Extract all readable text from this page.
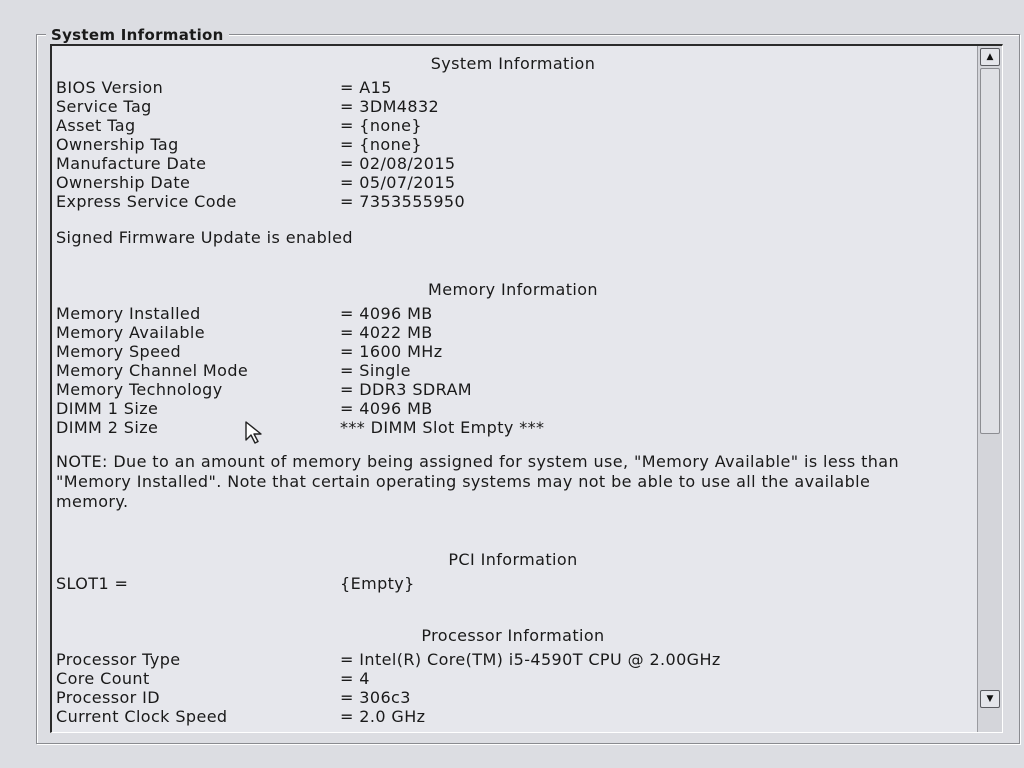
System Information
System Information
BIOS Version	= A15
Service Tag	= 3DM4832
Asset Tag	= {none}
Ownership Tag	= {none}
Manufacture Date	= 02/08/2015
Ownership Date	= 05/07/2015
Express Service Code	= 7353555950
Signed Firmware Update is enabled
Memory Information
Memory Installed	= 4096 MB
Memory Available	= 4022 MB
Memory Speed	= 1600 MHz
Memory Channel Mode	= Single
Memory Technology	= DDR3 SDRAM
DIMM 1 Size	= 4096 MB
DIMM 2 Size	*** DIMM Slot Empty ***
NOTE: Due to an amount of memory being assigned for system use, "Memory Available" is less than "Memory Installed". Note that certain operating systems may not be able to use all the available memory.
PCI Information
SLOT1 =	{Empty}
Processor Information
Processor Type	= Intel(R) Core(TM) i5-4590T CPU @ 2.00GHz
Core Count	= 4
Processor ID	= 306c3
Current Clock Speed	= 2.0 GHz
▲
▼
